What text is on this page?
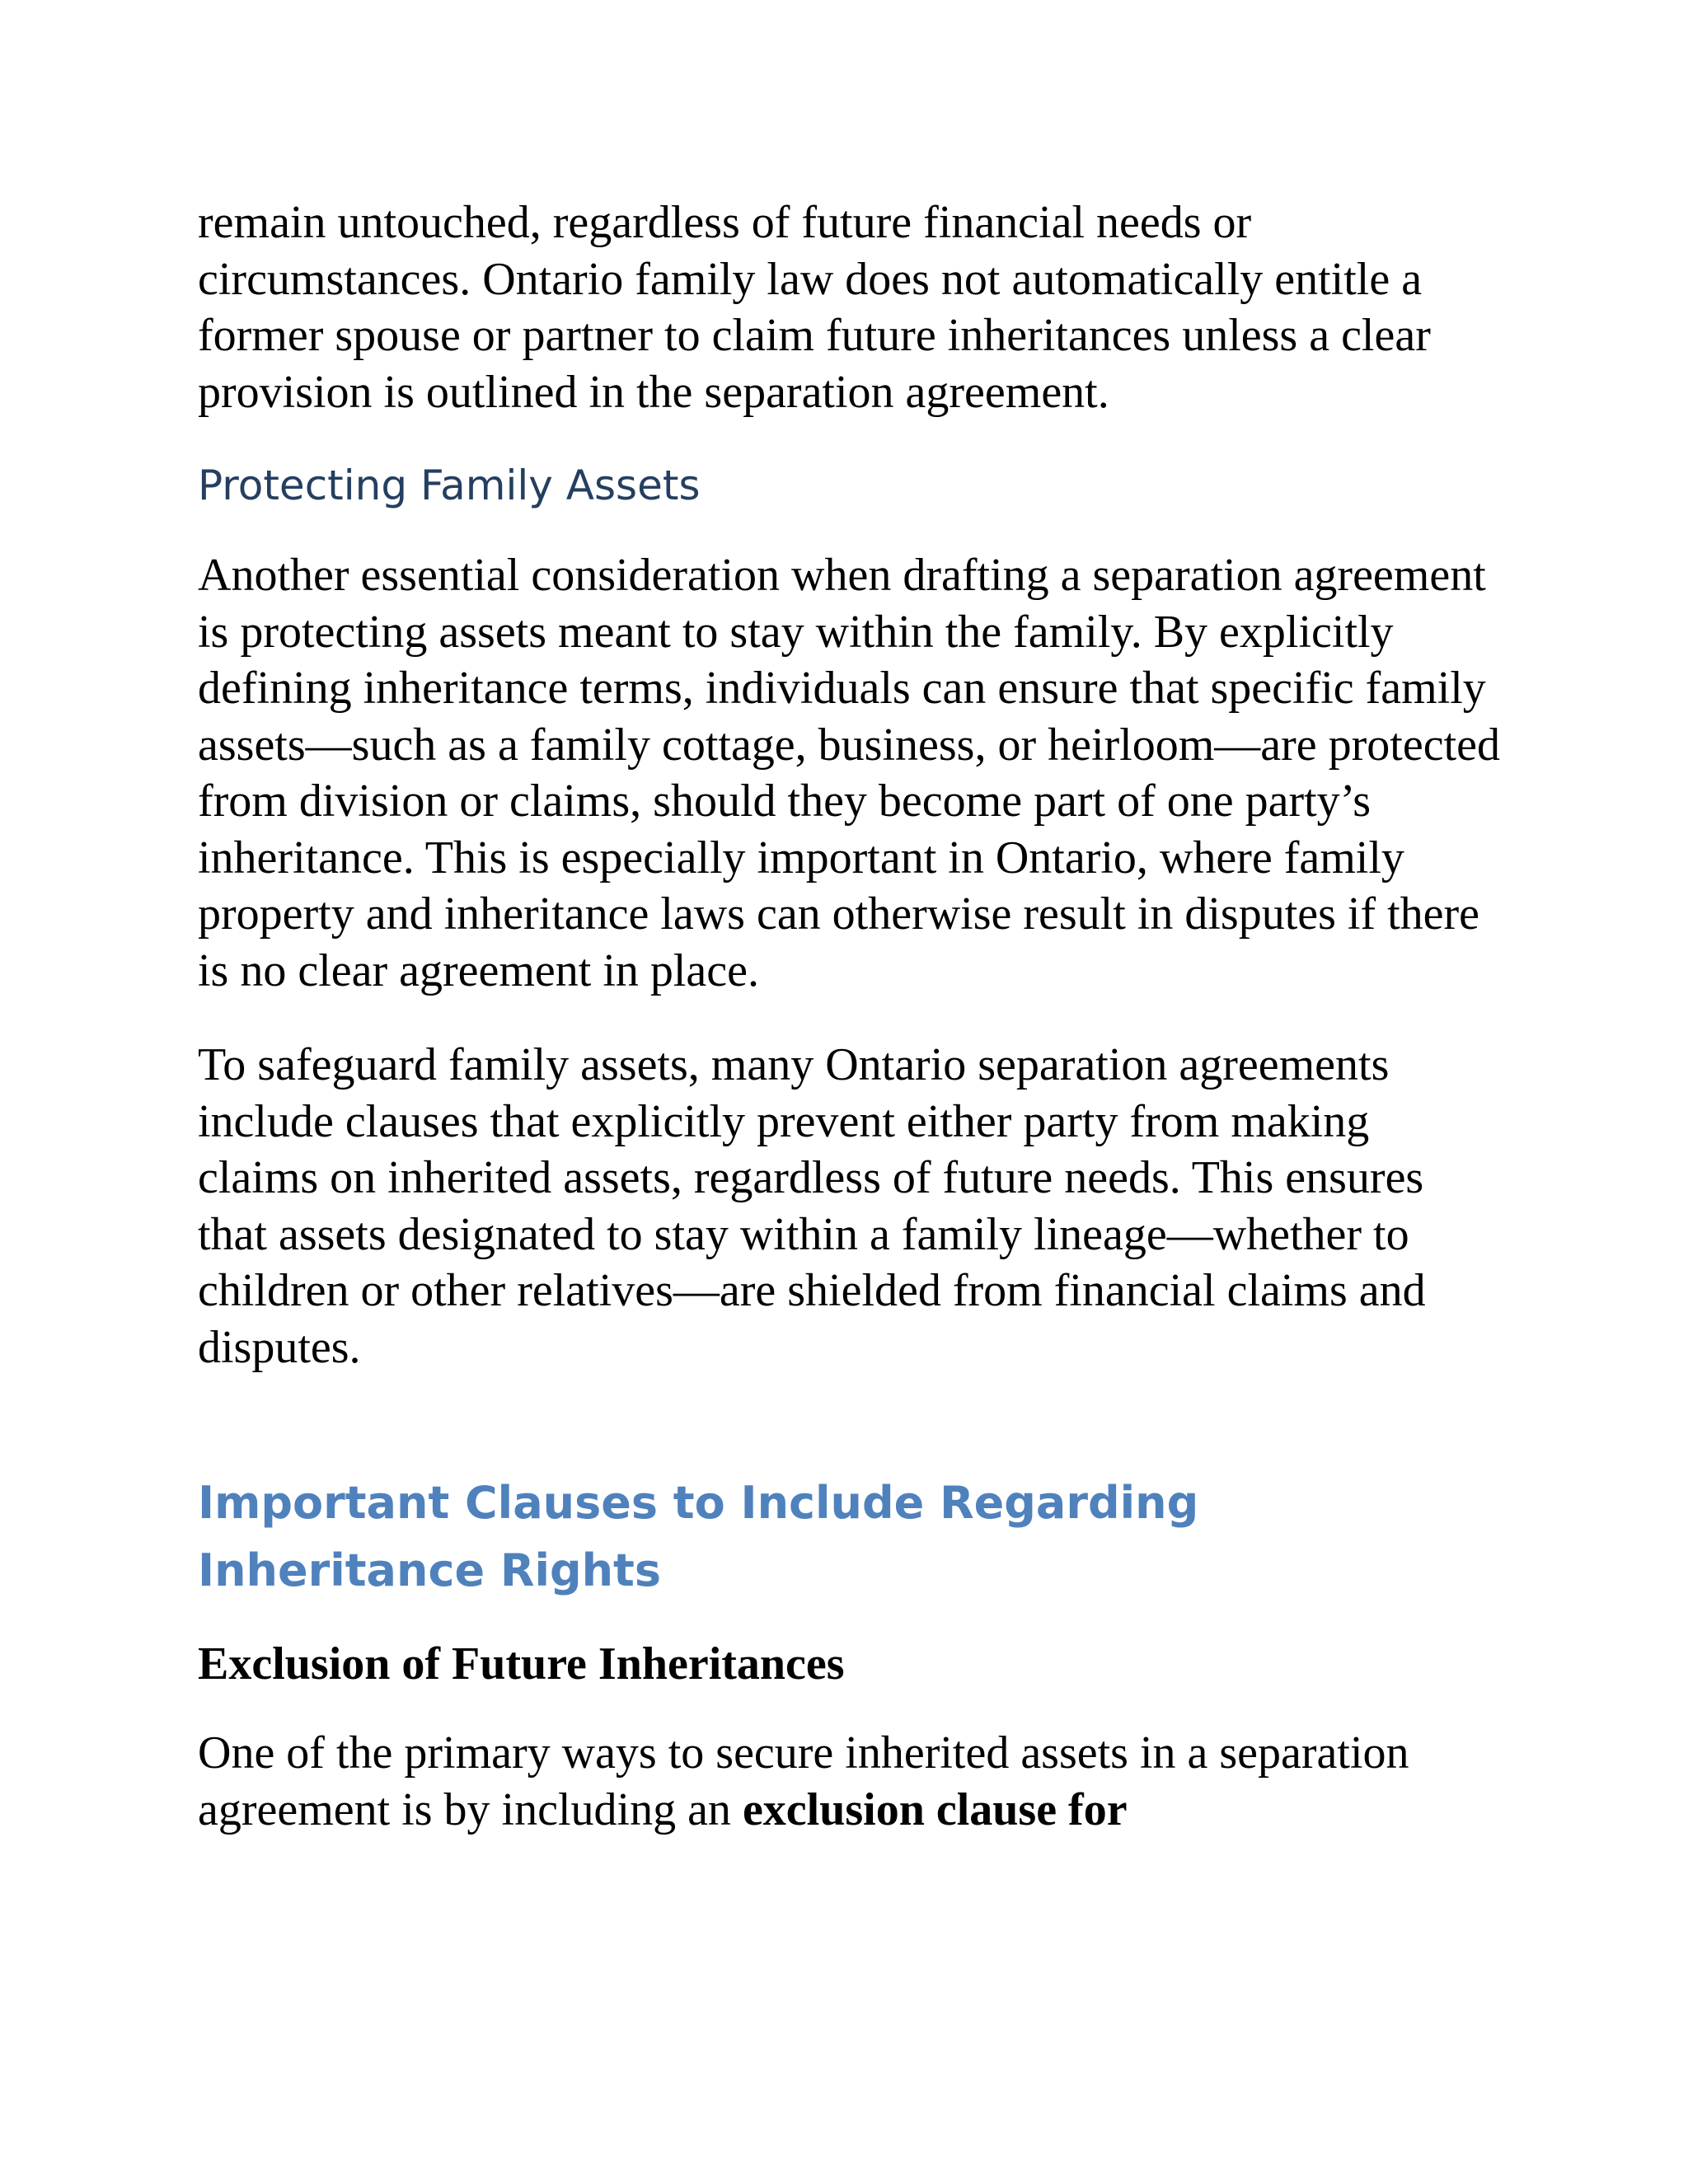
remain untouched, regardless of future financial needs or circumstances. Ontario family law does not automatically entitle a former spouse or partner to claim future inheritances unless a clear provision is outlined in the separation agreement.

Protecting Family Assets

Another essential consideration when drafting a separation agreement is protecting assets meant to stay within the family. By explicitly defining inheritance terms, individuals can ensure that specific family assets—such as a family cottage, business, or heirloom—are protected from division or claims, should they become part of one party’s inheritance. This is especially important in Ontario, where family property and inheritance laws can otherwise result in disputes if there is no clear agreement in place.

To safeguard family assets, many Ontario separation agreements include clauses that explicitly prevent either party from making claims on inherited assets, regardless of future needs. This ensures that assets designated to stay within a family lineage—whether to children or other relatives—are shielded from financial claims and disputes.

Important Clauses to Include Regarding Inheritance Rights
Exclusion of Future Inheritances

One of the primary ways to secure inherited assets in a separation agreement is by including an exclusion clause for
